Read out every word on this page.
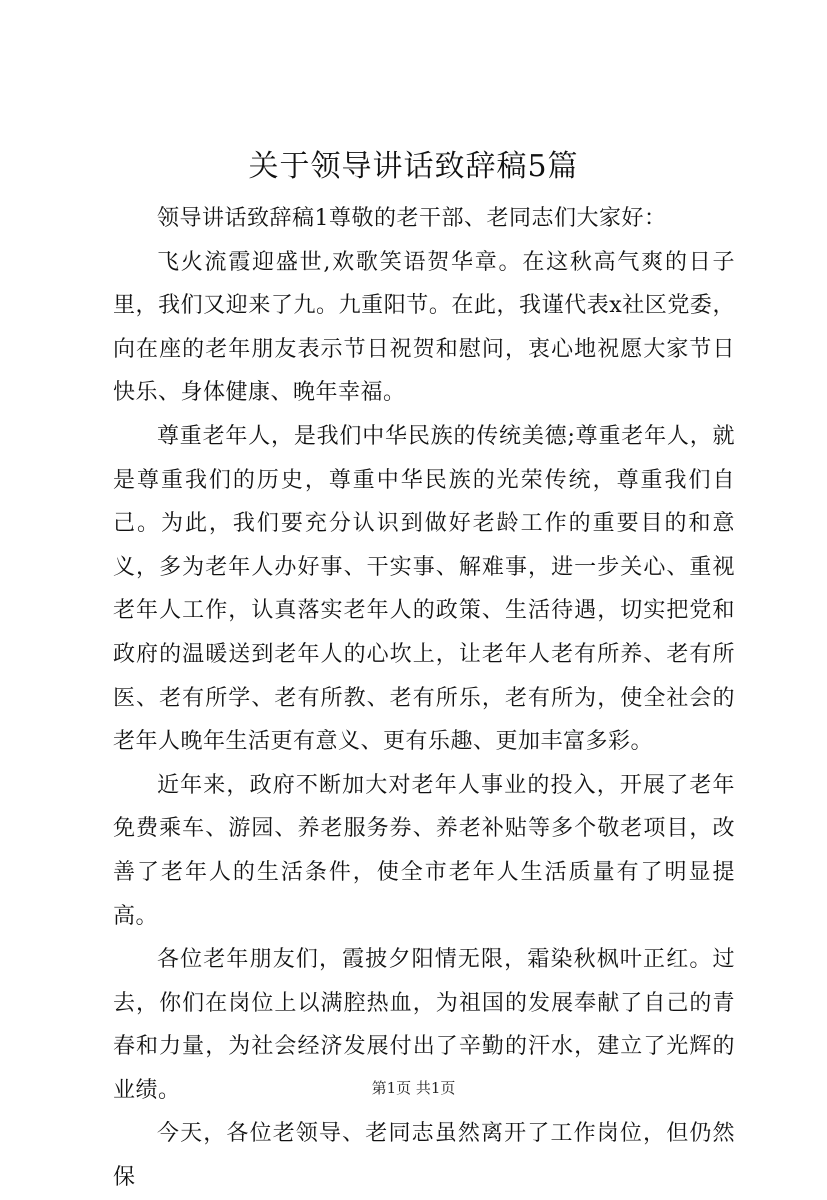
关于领导讲话致辞稿5篇

领导讲话致辞稿1尊敬的老干部、老同志们大家好：

飞火流霞迎盛世,欢歌笑语贺华章。在这秋高气爽的日子里，我们又迎来了九。九重阳节。在此，我谨代表x社区党委，向在座的老年朋友表示节日祝贺和慰问，衷心地祝愿大家节日快乐、身体健康、晚年幸福。

尊重老年人，是我们中华民族的传统美德;尊重老年人，就是尊重我们的历史，尊重中华民族的光荣传统，尊重我们自己。为此，我们要充分认识到做好老龄工作的重要目的和意义，多为老年人办好事、干实事、解难事，进一步关心、重视老年人工作，认真落实老年人的政策、生活待遇，切实把党和政府的温暖送到老年人的心坎上，让老年人老有所养、老有所医、老有所学、老有所教、老有所乐，老有所为，使全社会的老年人晚年生活更有意义、更有乐趣、更加丰富多彩。

近年来，政府不断加大对老年人事业的投入，开展了老年免费乘车、游园、养老服务券、养老补贴等多个敬老项目，改善了老年人的生活条件，使全市老年人生活质量有了明显提高。

各位老年朋友们，霞披夕阳情无限，霜染秋枫叶正红。过去，你们在岗位上以满腔热血，为祖国的发展奉献了自己的青春和力量，为社会经济发展付出了辛勤的汗水，建立了光辉的业绩。

今天，各位老领导、老同志虽然离开了工作岗位，但仍然保

第1页 共1页
